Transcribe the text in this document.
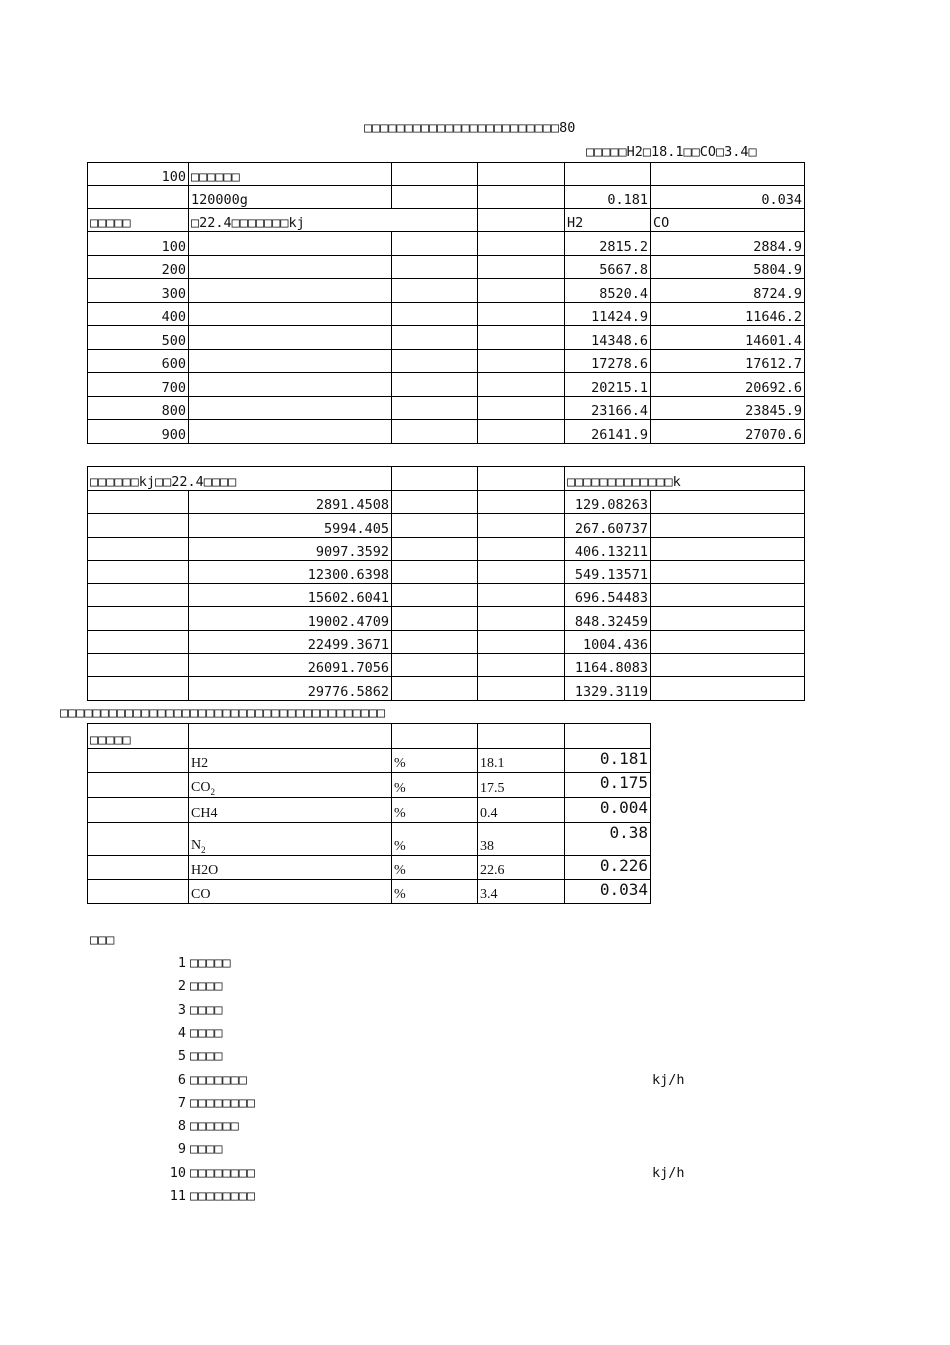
□□□□□□□□□□□□□□□□□□□□□□□□80
□□□□□H2□18.1□□CO□3.4□
100	□□□□□□				
	120000g			0.181	0.034
□□□□□	□22.4□□□□□□□kj			H2	CO
100				2815.2	2884.9
200				5667.8	5804.9
300				8520.4	8724.9
400				11424.9	11646.2
500				14348.6	14601.4
600				17278.6	17612.7
700				20215.1	20692.6
800				23166.4	23845.9
900				26141.9	27070.6
□□□□□□kj□□22.4□□□□				□□□□□□□□□□□□□k	
	2891.4508			129.08263	
	5994.405			267.60737	
	9097.3592			406.13211	
	12300.6398			549.13571	
	15602.6041			696.54483	
	19002.4709			848.32459	
	22499.3671			1004.436	
	26091.7056			1164.8083	
	29776.5862			1329.3119	
□□□□□□□□□□□□□□□□□□□□□□□□□□□□□□□□□□□□□□□□
□□□□□				
	H2	%	18.1	0.181
	$CO_2$	%	17.5	0.175
	CH4	%	0.4	0.004
	$N_2$	%	38	0.38
	H2O	%	22.6	0.226
	CO	%	3.4	0.034
□□□
1 □□□□□
2 □□□□
3 □□□□
4 □□□□
5 □□□□
6 □□□□□□□	kj/h
7 □□□□□□□□
8 □□□□□□
9 □□□□
10 □□□□□□□□	kj/h
11 □□□□□□□□
